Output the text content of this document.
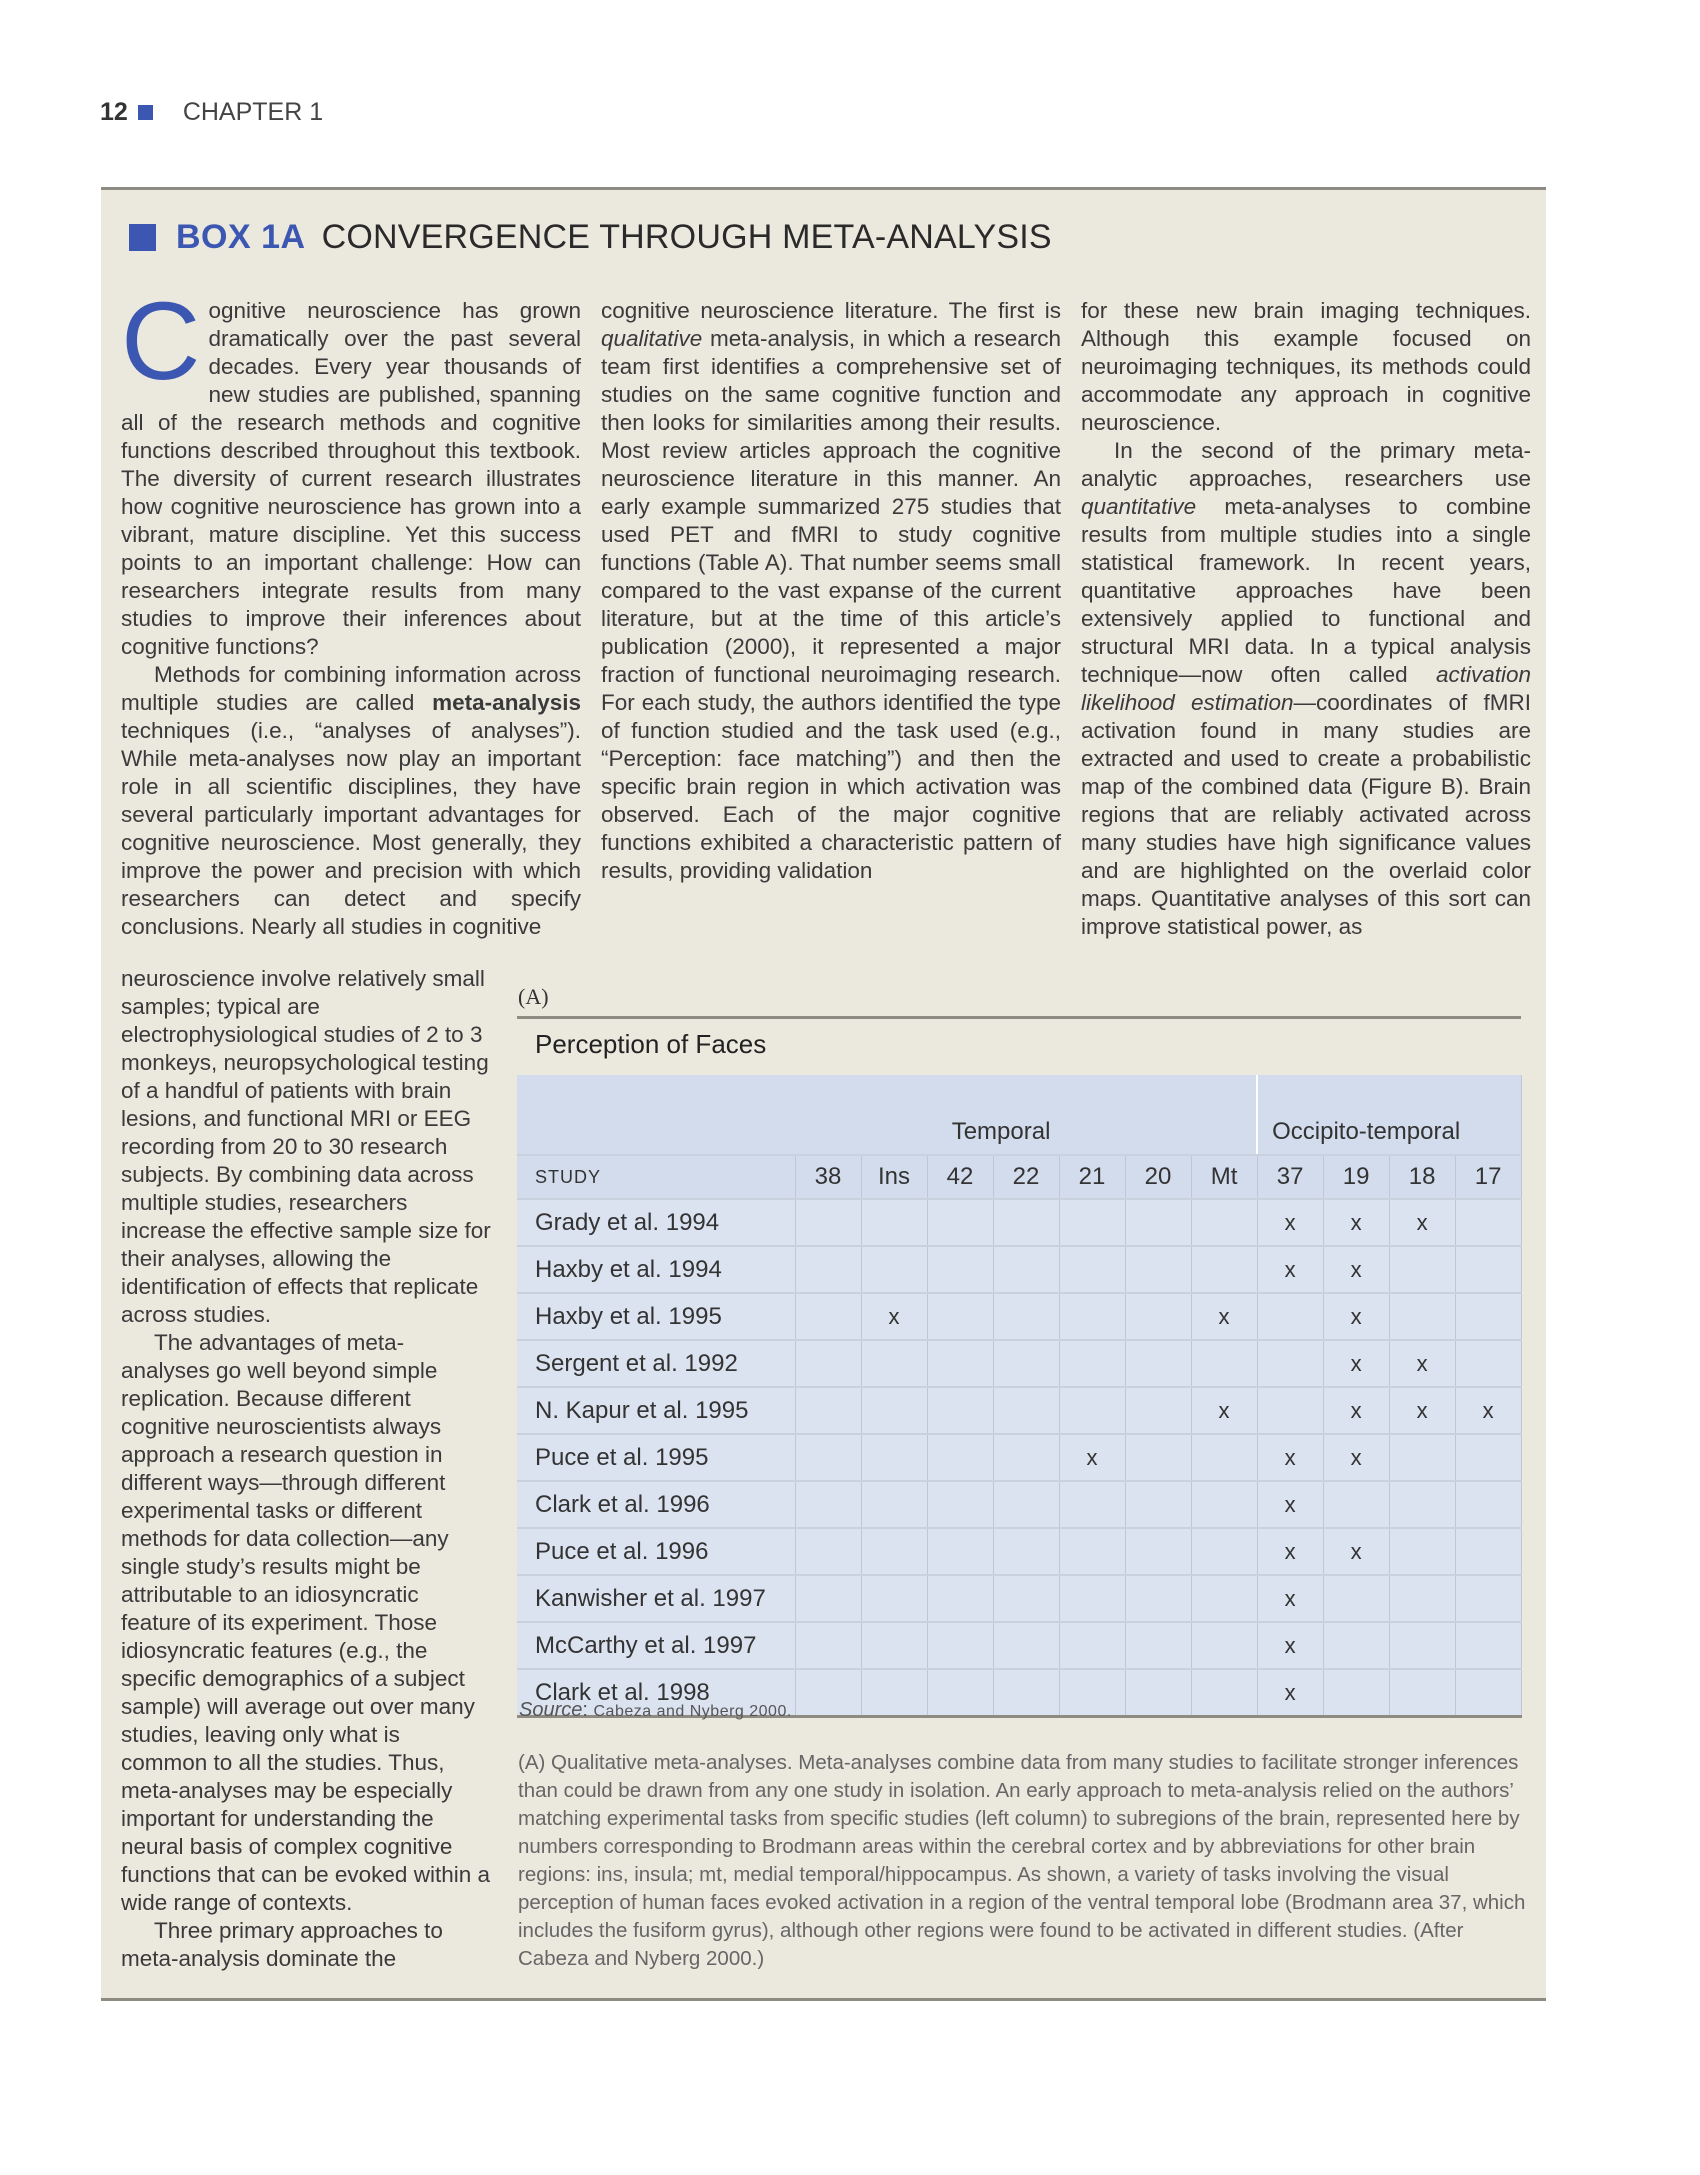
12 CHAPTER 1
BOX 1A CONVERGENCE THROUGH META-ANALYSIS

Cognitive neuroscience has grown dramatically over the past several decades. Every year thousands of new studies are published, spanning all of the research methods and cognitive functions described throughout this textbook. The diversity of current research illustrates how cognitive neuroscience has grown into a vibrant, mature discipline. Yet this success points to an important challenge: How can researchers integrate results from many studies to improve their inferences about cognitive functions?

Methods for combining information across multiple studies are called meta-analysis techniques (i.e., “analyses of analyses”). While meta-analyses now play an important role in all scientific disciplines, they have several particularly important advantages for cognitive neuroscience. Most generally, they improve the power and precision with which researchers can detect and specify conclusions. Nearly all studies in cognitive

neuroscience involve relatively small samples; typical are electrophysiological studies of 2 to 3 monkeys, neuropsychological testing of a handful of patients with brain lesions, and functional MRI or EEG recording from 20 to 30 research subjects. By combining data across multiple studies, researchers increase the effective sample size for their analyses, allowing the identification of effects that replicate across studies.

The advantages of meta-analyses go well beyond simple replication. Because different cognitive neuroscientists always approach a research question in different ways—through different experimental tasks or different methods for data collection—any single study’s results might be attributable to an idiosyncratic feature of its experiment. Those idiosyncratic features (e.g., the specific demographics of a subject sample) will average out over many studies, leaving only what is common to all the studies. Thus, meta-analyses may be especially important for understanding the neural basis of complex cognitive functions that can be evoked within a wide range of contexts.

Three primary approaches to meta-analysis dominate the

cognitive neuroscience literature. The first is qualitative meta-analysis, in which a research team first identifies a comprehensive set of studies on the same cognitive function and then looks for similarities among their results. Most review articles approach the cognitive neuroscience literature in this manner. An early example summarized 275 studies that used PET and fMRI to study cognitive functions (Table A). That number seems small compared to the vast expanse of the current literature, but at the time of this article’s publication (2000), it represented a major fraction of functional neuroimaging research. For each study, the authors identified the type of function studied and the task used (e.g., “Perception: face matching”) and then the specific brain region in which activation was observed. Each of the major cognitive functions exhibited a characteristic pattern of results, providing validation

for these new brain imaging techniques. Although this example focused on neuroimaging techniques, its methods could accommodate any approach in cognitive neuroscience.

In the second of the primary meta-analytic approaches, researchers use quantitative meta-analyses to combine results from multiple studies into a single statistical framework. In recent years, quantitative approaches have been extensively applied to functional and structural MRI data. In a typical analysis technique—now often called activation likelihood estimation—coordinates of fMRI activation found in many studies are extracted and used to create a probabilistic map of the combined data (Figure B). Brain regions that are reliably activated across many studies have high significance values and are highlighted on the overlaid color maps. Quantitative analyses of this sort can improve statistical power, as

(A)
Perception of Faces
Temporal								Occipito-temporal			
STUDY	38	Ins	42	22	21	20	Mt	37	19	18	17
Grady et al. 1994								x	x	x	
Haxby et al. 1994								x	x		
Haxby et al. 1995		x					x		x		
Sergent et al. 1992									x	x	
N. Kapur et al. 1995							x		x	x	x
Puce et al. 1995					x			x	x		
Clark et al. 1996								x			
Puce et al. 1996								x	x		
Kanwisher et al. 1997								x			
McCarthy et al. 1997								x			
Clark et al. 1998								x			
Source: Cabeza and Nyberg 2000.
(A) Qualitative meta-analyses. Meta-analyses combine data from many studies to facilitate stronger inferences than could be drawn from any one study in isolation. An early approach to meta-analysis relied on the authors’ matching experimental tasks from specific studies (left column) to subregions of the brain, represented here by numbers corresponding to Brodmann areas within the cerebral cortex and by abbreviations for other brain regions: ins, insula; mt, medial temporal/hippocampus. As shown, a variety of tasks involving the visual perception of human faces evoked activation in a region of the ventral temporal lobe (Brodmann area 37, which includes the fusiform gyrus), although other regions were found to be activated in different studies. (After Cabeza and Nyberg 2000.)
